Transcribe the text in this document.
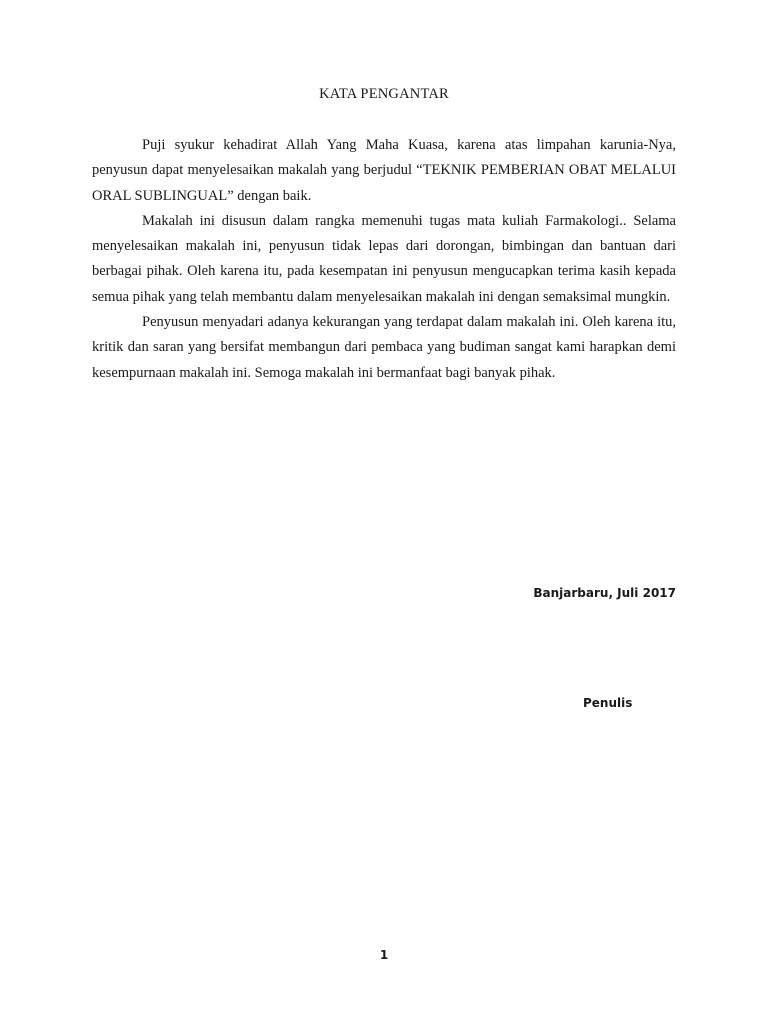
KATA PENGANTAR

Puji syukur kehadirat Allah Yang Maha Kuasa, karena atas limpahan karunia-Nya, penyusun dapat menyelesaikan makalah yang berjudul “TEKNIK PEMBERIAN OBAT MELALUI ORAL SUBLINGUAL” dengan baik.

Makalah ini disusun dalam rangka memenuhi tugas mata kuliah Farmakologi.. Selama menyelesaikan makalah ini, penyusun tidak lepas dari dorongan, bimbingan dan bantuan dari berbagai pihak. Oleh karena itu, pada kesempatan ini penyusun mengucapkan terima kasih kepada semua pihak yang telah membantu dalam menyelesaikan makalah ini dengan semaksimal mungkin.

Penyusun menyadari adanya kekurangan yang terdapat dalam makalah ini. Oleh karena itu, kritik dan saran yang bersifat membangun dari pembaca yang budiman sangat kami harapkan demi kesempurnaan makalah ini. Semoga makalah ini bermanfaat bagi banyak pihak.

Banjarbaru, Juli 2017

Penulis

1
